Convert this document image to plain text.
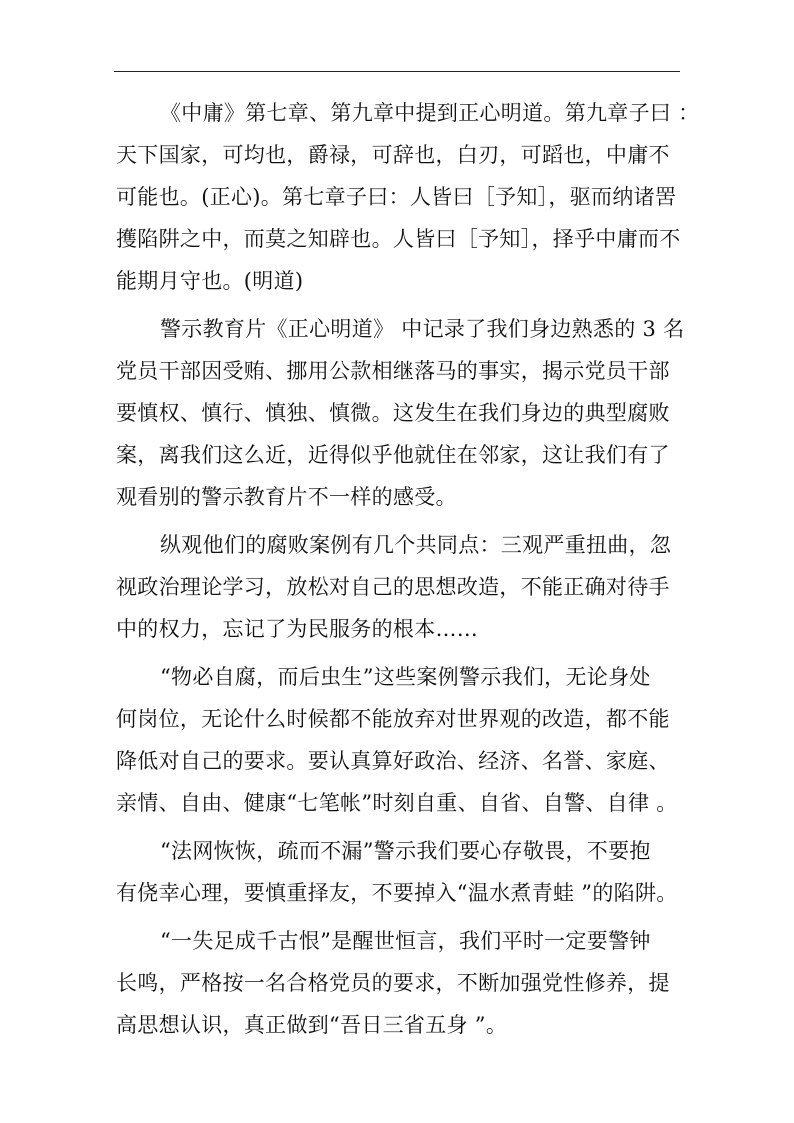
《中庸》第七章、第九章中提到正心明道。第九章子曰 ：
天下国家，可均也，爵禄，可辞也，白刃，可蹈也，中庸不
可能也。(正心)。第七章子曰：人皆曰［予知］，驱而纳诸罟
擭陷阱之中，而莫之知辟也。人皆曰［予知］，择乎中庸而不
能期月守也。(明道)
警示教育片《正心明道》 中记录了我们身边熟悉的 3 名
党员干部因受贿、挪用公款相继落马的事实，揭示党员干部
要慎权、慎行、慎独、慎微。这发生在我们身边的典型腐败
案，离我们这么近，近得似乎他就住在邻家，这让我们有了
观看别的警示教育片不一样的感受。
纵观他们的腐败案例有几个共同点：三观严重扭曲，忽
视政治理论学习，放松对自己的思想改造，不能正确对待手
中的权力，忘记了为民服务的根本……
“物必自腐，而后虫生”这些案例警示我们，无论身处
何岗位，无论什么时候都不能放弃对世界观的改造，都不能
降低对自己的要求。要认真算好政治、经济、名誉、家庭、
亲情、自由、健康“七笔帐”时刻自重、自省、自警、自律 。
“法网恢恢，疏而不漏”警示我们要心存敬畏，不要抱
有侥幸心理，要慎重择友，不要掉入“温水煮青蛙 ”的陷阱。
“一失足成千古恨”是醒世恒言，我们平时一定要警钟
长鸣，严格按一名合格党员的要求，不断加强党性修养，提
高思想认识，真正做到“吾日三省五身 ”。
